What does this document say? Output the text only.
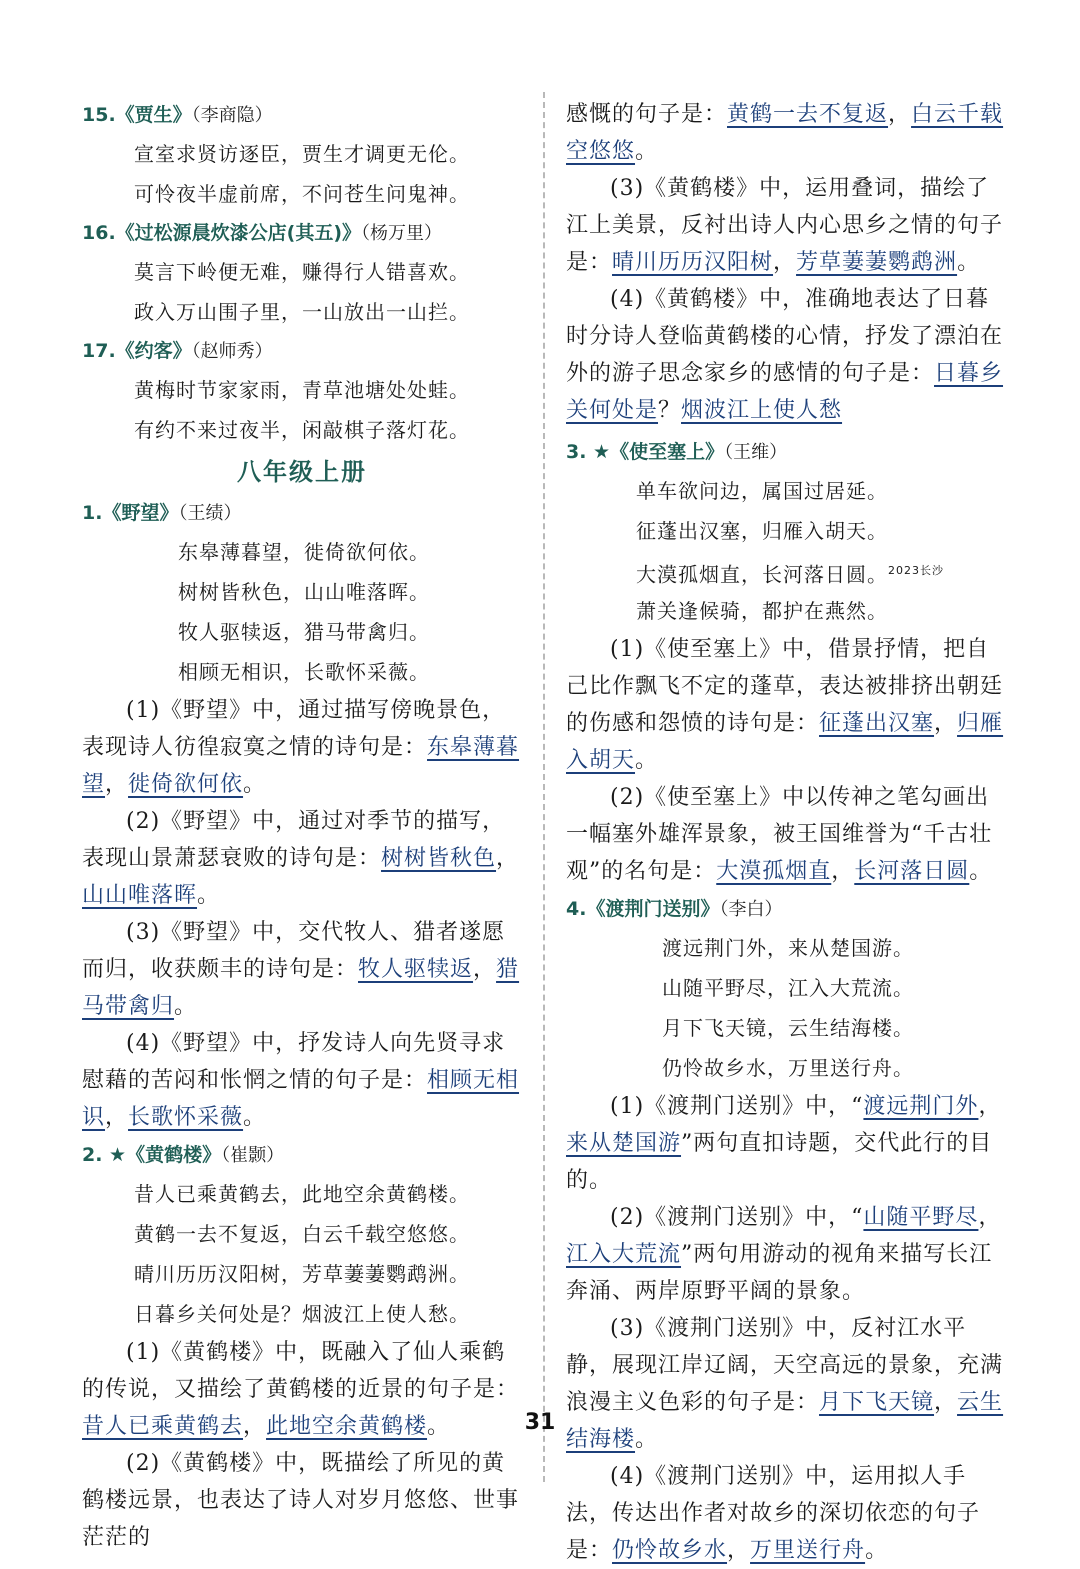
15.《贾生》（李商隐）
宣室求贤访逐臣，贾生才调更无伦。
可怜夜半虚前席，不问苍生问鬼神。
16.《过松源晨炊漆公店(其五)》（杨万里）
莫言下岭便无难，赚得行人错喜欢。
政入万山围子里，一山放出一山拦。
17.《约客》（赵师秀）
黄梅时节家家雨，青草池塘处处蛙。
有约不来过夜半，闲敲棋子落灯花。
八年级上册
1.《野望》（王绩）
东皋薄暮望，徙倚欲何依。
树树皆秋色，山山唯落晖。
牧人驱犊返，猎马带禽归。
相顾无相识，长歌怀采薇。

(1)《野望》中，通过描写傍晚景色，表现诗人彷徨寂寞之情的诗句是：东皋薄暮望，徙倚欲何依。

(2)《野望》中，通过对季节的描写，表现山景萧瑟衰败的诗句是：树树皆秋色，山山唯落晖。

(3)《野望》中，交代牧人、猎者遂愿而归，收获颇丰的诗句是：牧人驱犊返，猎马带禽归。

(4)《野望》中，抒发诗人向先贤寻求慰藉的苦闷和怅惘之情的句子是：相顾无相识，长歌怀采薇。

2. ★《黄鹤楼》（崔颢）
昔人已乘黄鹤去，此地空余黄鹤楼。
黄鹤一去不复返，白云千载空悠悠。
晴川历历汉阳树，芳草萋萋鹦鹉洲。
日暮乡关何处是？烟波江上使人愁。

(1)《黄鹤楼》中，既融入了仙人乘鹤的传说，又描绘了黄鹤楼的近景的句子是：昔人已乘黄鹤去，此地空余黄鹤楼。

(2)《黄鹤楼》中，既描绘了所见的黄鹤楼远景，也表达了诗人对岁月悠悠、世事茫茫的

感慨的句子是：黄鹤一去不复返，白云千载空悠悠。

(3)《黄鹤楼》中，运用叠词，描绘了江上美景，反衬出诗人内心思乡之情的句子是：晴川历历汉阳树，芳草萋萋鹦鹉洲。

(4)《黄鹤楼》中，准确地表达了日暮时分诗人登临黄鹤楼的心情，抒发了漂泊在外的游子思念家乡的感情的句子是：日暮乡关何处是？烟波江上使人愁

3. ★《使至塞上》（王维）
单车欲问边，属国过居延。
征蓬出汉塞，归雁入胡天。
大漠孤烟直，长河落日圆。$^{2023长沙}$
萧关逢候骑，都护在燕然。

(1)《使至塞上》中，借景抒情，把自己比作飘飞不定的蓬草，表达被排挤出朝廷的伤感和怨愤的诗句是：征蓬出汉塞，归雁入胡天。

(2)《使至塞上》中以传神之笔勾画出一幅塞外雄浑景象，被王国维誉为“千古壮观”的名句是：大漠孤烟直，长河落日圆。

4.《渡荆门送别》（李白）
渡远荆门外，来从楚国游。
山随平野尽，江入大荒流。
月下飞天镜，云生结海楼。
仍怜故乡水，万里送行舟。

(1)《渡荆门送别》中，“渡远荆门外，来从楚国游”两句直扣诗题，交代此行的目的。

(2)《渡荆门送别》中，“山随平野尽，江入大荒流”两句用游动的视角来描写长江奔涌、两岸原野平阔的景象。

(3)《渡荆门送别》中，反衬江水平静，展现江岸辽阔，天空高远的景象，充满浪漫主义色彩的句子是：月下飞天镜，云生结海楼。

(4)《渡荆门送别》中，运用拟人手法，传达出作者对故乡的深切依恋的句子是：仍怜故乡水，万里送行舟。

31
